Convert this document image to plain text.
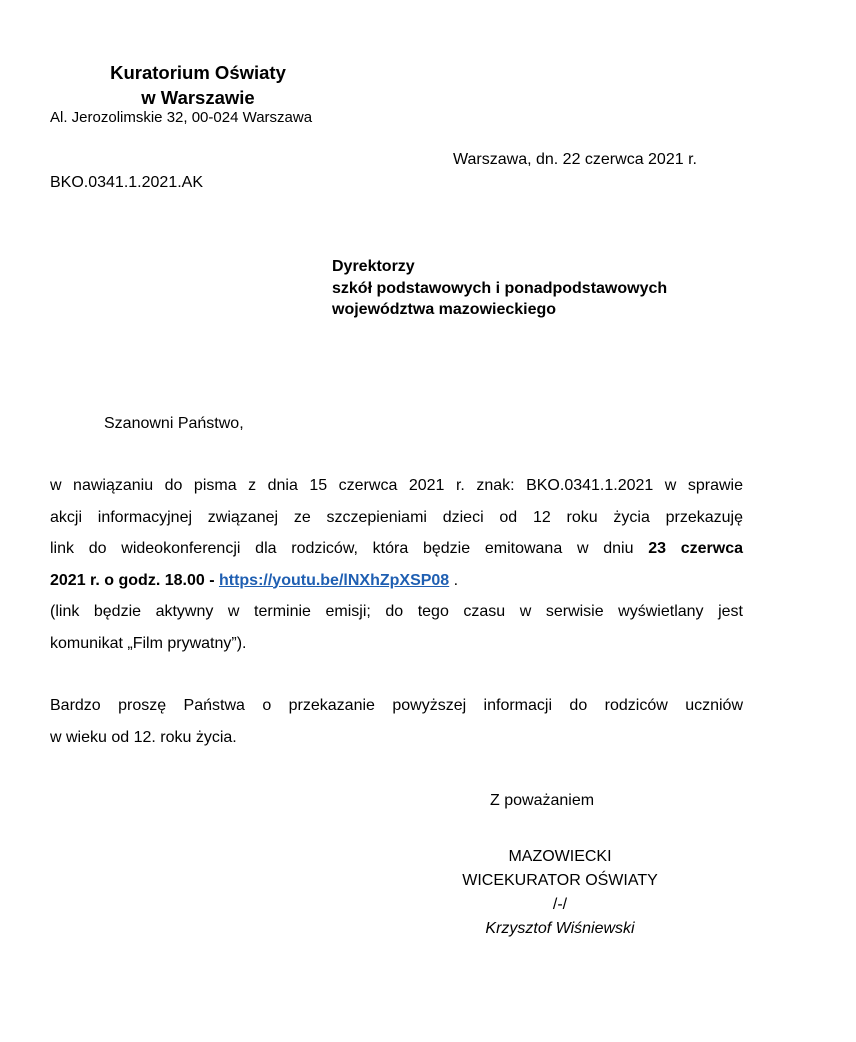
Kuratorium Oświaty
w Warszawie
Al. Jerozolimskie 32, 00-024 Warszawa
Warszawa, dn. 22 czerwca 2021 r.
BKO.0341.1.2021.AK
Dyrektorzy
szkół podstawowych i ponadpodstawowych
województwa mazowieckiego
Szanowni Państwo,
w nawiązaniu do pisma z dnia 15 czerwca 2021 r. znak: BKO.0341.1.2021 w sprawie
akcji informacyjnej związanej ze szczepieniami dzieci od 12 roku życia przekazuję
link do wideokonferencji dla rodziców, która będzie emitowana w dniu 23 czerwca
2021 r. o godz. 18.00 - https://youtu.be/lNXhZpXSP08 .
(link będzie aktywny w terminie emisji; do tego czasu w serwisie wyświetlany jest
komunikat „Film prywatny”).
Bardzo proszę Państwa o przekazanie powyższej informacji do rodziców uczniów
w wieku od 12. roku życia.
Z poważaniem
MAZOWIECKI
WICEKURATOR OŚWIATY
/-/
Krzysztof Wiśniewski
